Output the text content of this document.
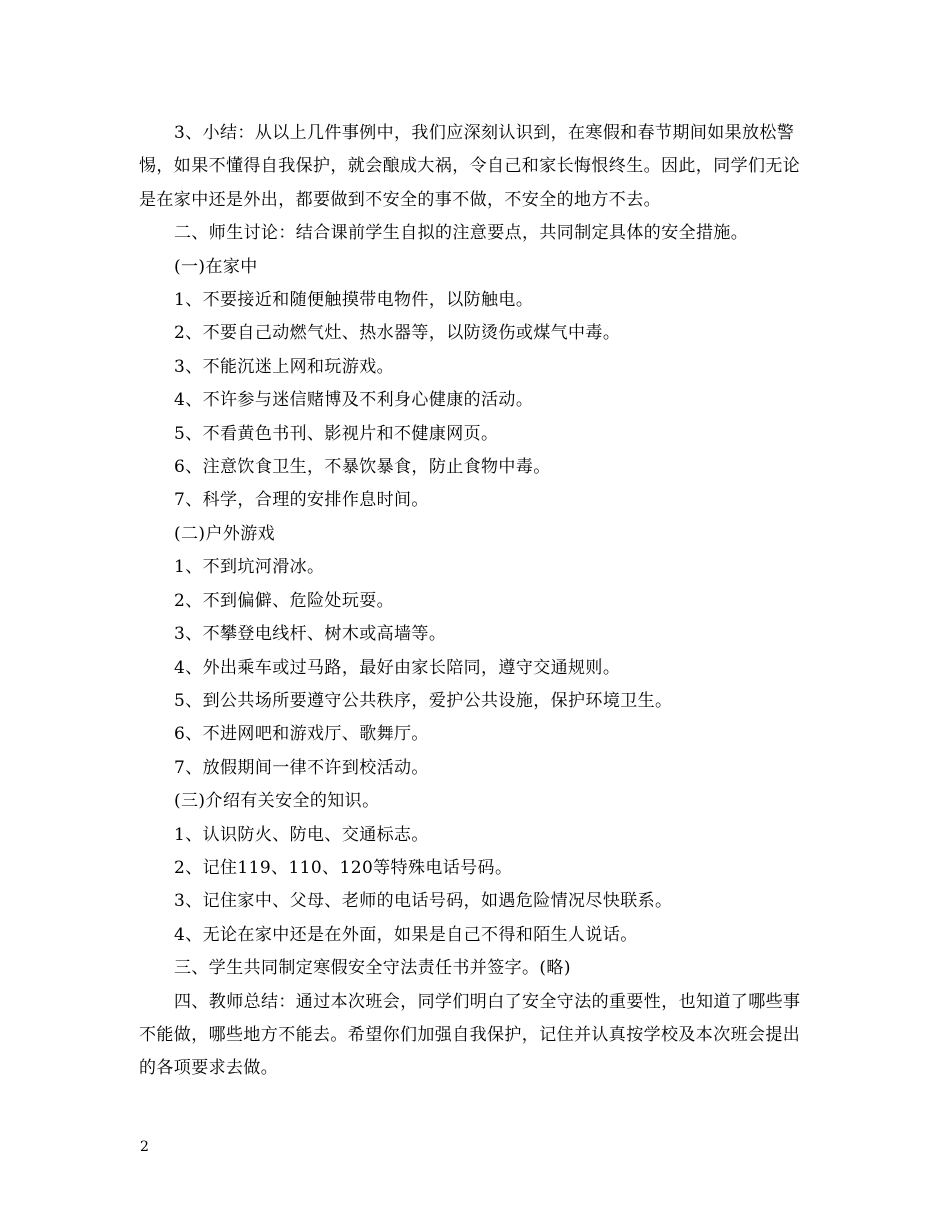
3、小结：从以上几件事例中，我们应深刻认识到，在寒假和春节期间如果放松警惕，如果不懂得自我保护，就会酿成大祸，令自己和家长悔恨终生。因此，同学们无论是在家中还是外出，都要做到不安全的事不做，不安全的地方不去。

二、师生讨论：结合课前学生自拟的注意要点，共同制定具体的安全措施。

(一)在家中

1、不要接近和随便触摸带电物件，以防触电。

2、不要自己动燃气灶、热水器等，以防烫伤或煤气中毒。

3、不能沉迷上网和玩游戏。

4、不许参与迷信赌博及不利身心健康的活动。

5、不看黄色书刊、影视片和不健康网页。

6、注意饮食卫生，不暴饮暴食，防止食物中毒。

7、科学，合理的安排作息时间。

(二)户外游戏

1、不到坑河滑冰。

2、不到偏僻、危险处玩耍。

3、不攀登电线杆、树木或高墙等。

4、外出乘车或过马路，最好由家长陪同，遵守交通规则。

5、到公共场所要遵守公共秩序，爱护公共设施，保护环境卫生。

6、不进网吧和游戏厅、歌舞厅。

7、放假期间一律不许到校活动。

(三)介绍有关安全的知识。

1、认识防火、防电、交通标志。

2、记住119、110、120等特殊电话号码。

3、记住家中、父母、老师的电话号码，如遇危险情况尽快联系。

4、无论在家中还是在外面，如果是自己不得和陌生人说话。

三、学生共同制定寒假安全守法责任书并签字。(略)

四、教师总结：通过本次班会，同学们明白了安全守法的重要性，也知道了哪些事不能做，哪些地方不能去。希望你们加强自我保护，记住并认真按学校及本次班会提出的各项要求去做。

2
